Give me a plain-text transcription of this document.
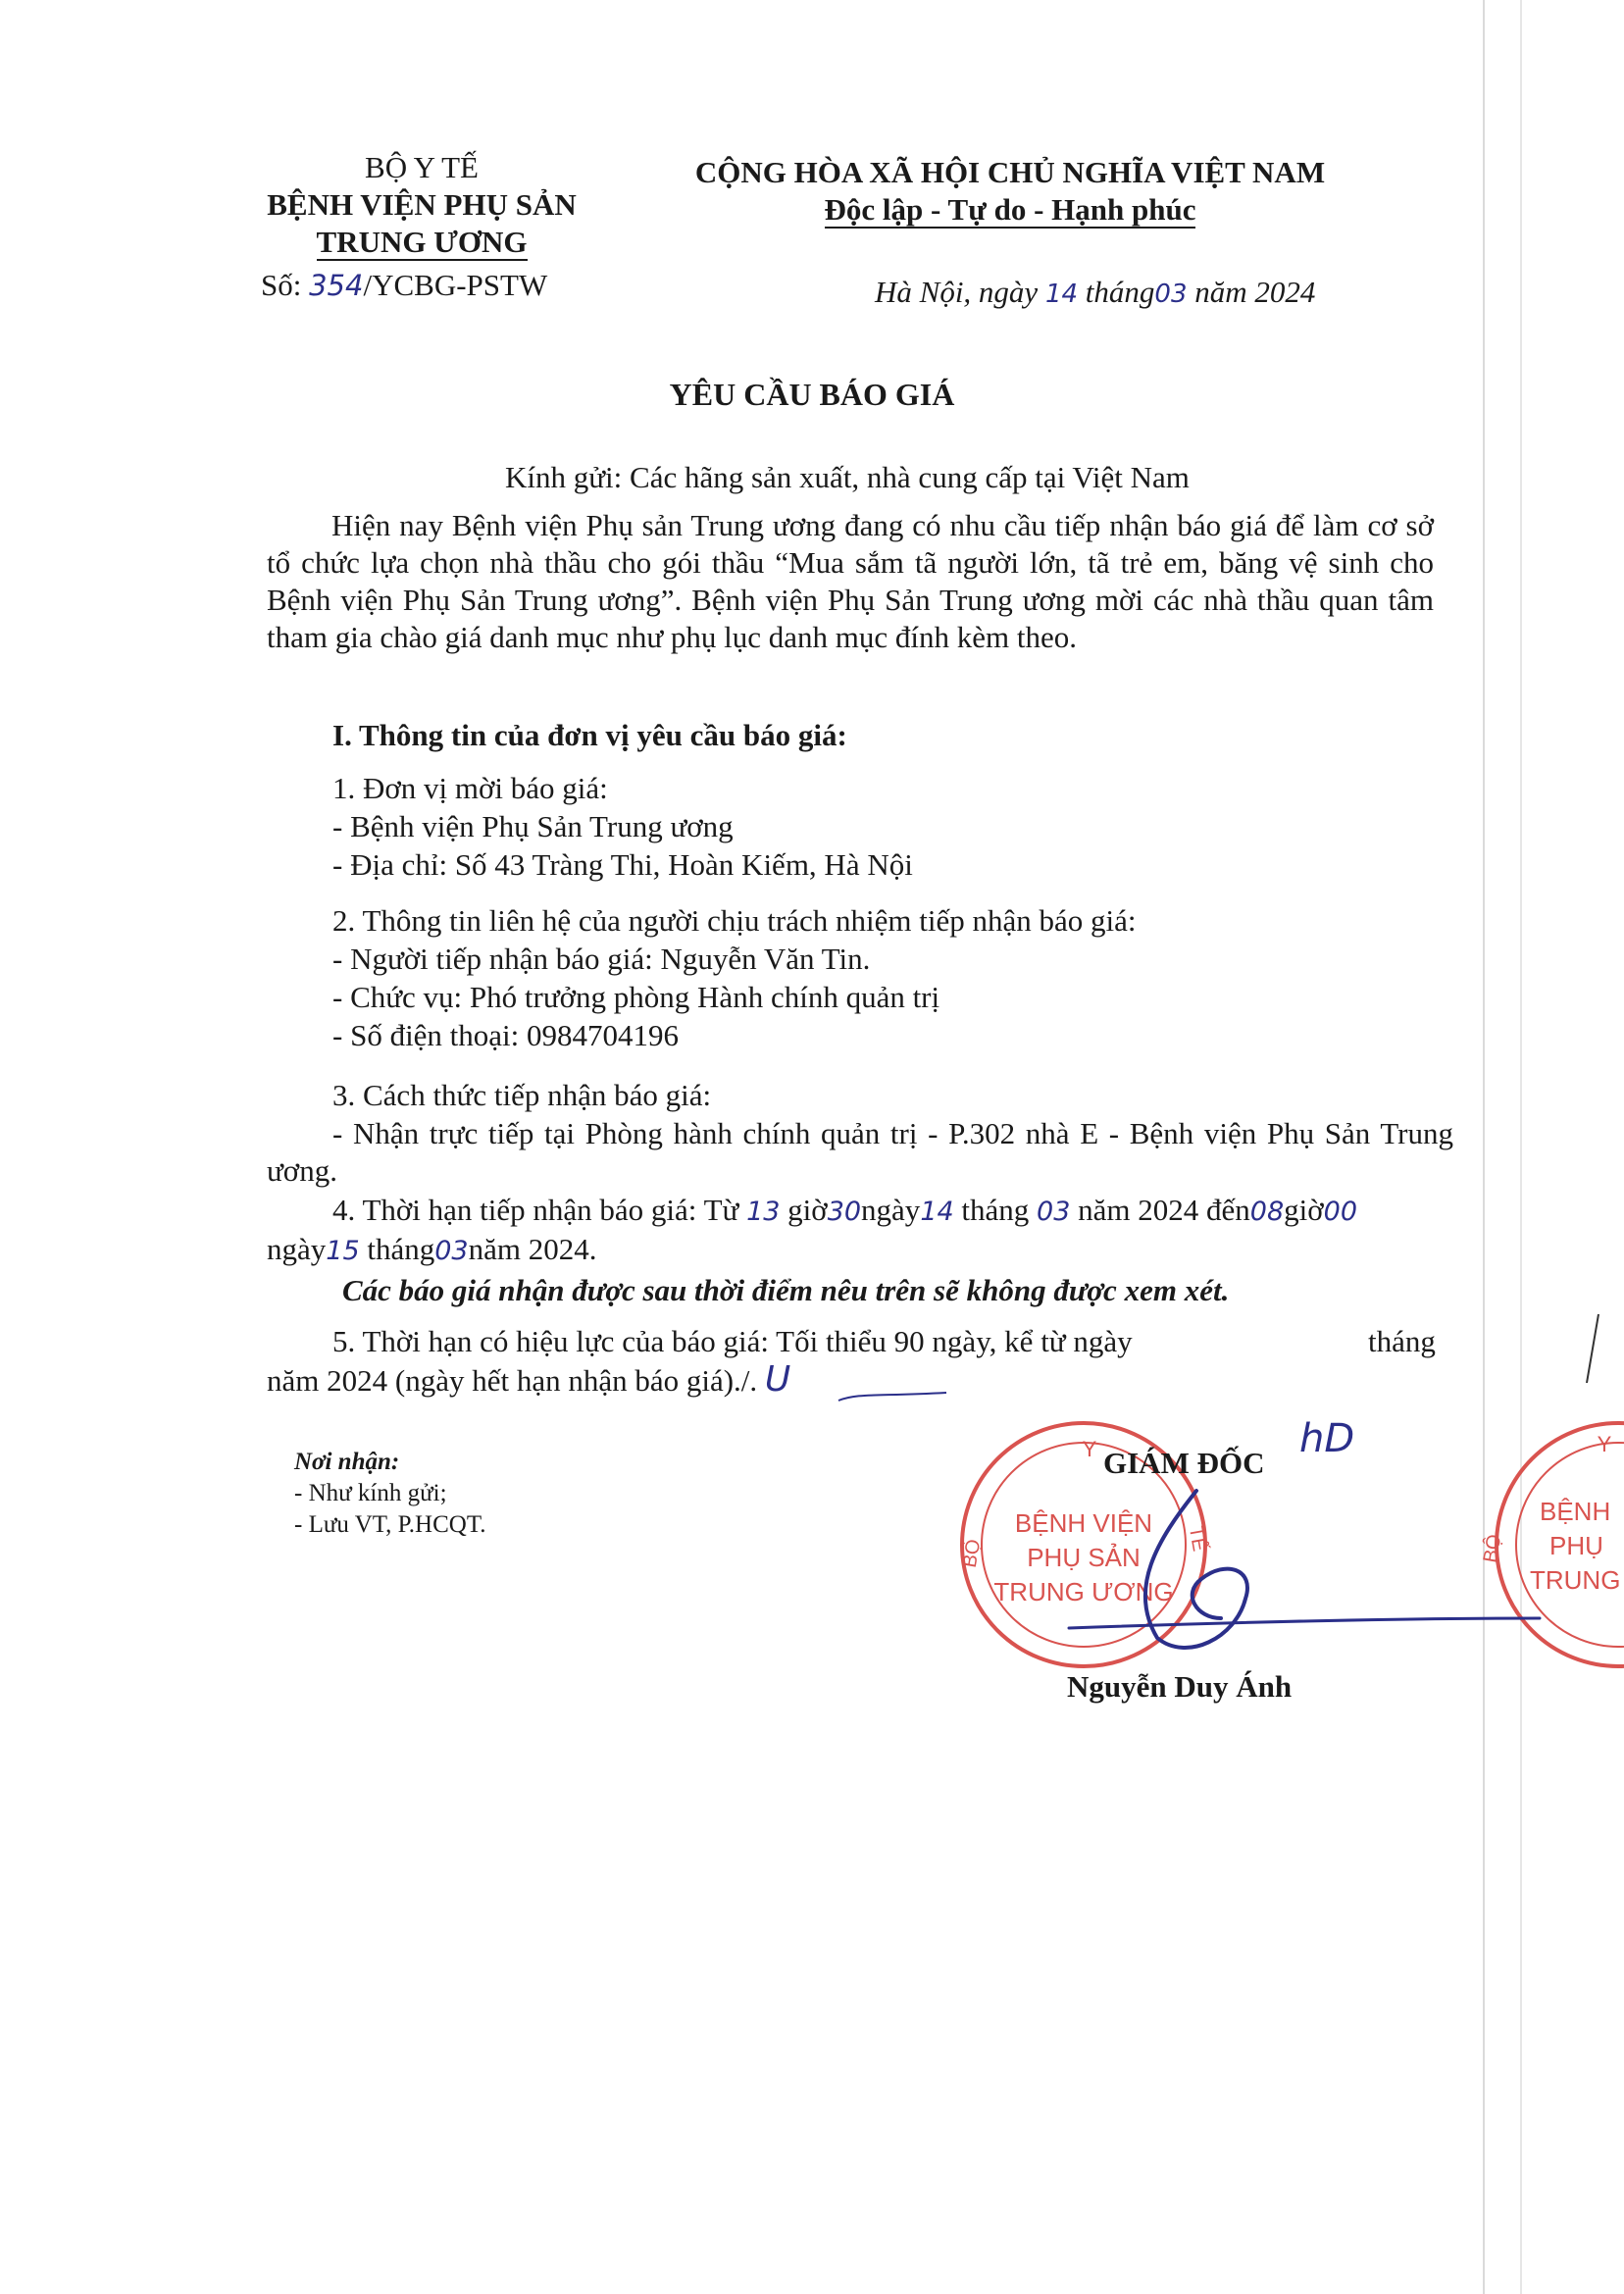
BỘ Y TẾ
BỆNH VIỆN PHỤ SẢN
TRUNG ƯƠNG
Số: 354/YCBG-PSTW
CỘNG HÒA XÃ HỘI CHỦ NGHĨA VIỆT NAM
Độc lập - Tự do - Hạnh phúc
Hà Nội, ngày 14 tháng03 năm 2024
YÊU CẦU BÁO GIÁ
Kính gửi: Các hãng sản xuất, nhà cung cấp tại Việt Nam
Hiện nay Bệnh viện Phụ sản Trung ương đang có nhu cầu tiếp nhận báo giá để làm cơ sở tổ chức lựa chọn nhà thầu cho gói thầu “Mua sắm tã người lớn, tã trẻ em, băng vệ sinh cho Bệnh viện Phụ Sản Trung ương”. Bệnh viện Phụ Sản Trung ương mời các nhà thầu quan tâm tham gia chào giá danh mục như phụ lục danh mục đính kèm theo.
I. Thông tin của đơn vị yêu cầu báo giá:
1. Đơn vị mời báo giá:
- Bệnh viện Phụ Sản Trung ương
- Địa chỉ: Số 43 Tràng Thi, Hoàn Kiếm, Hà Nội
2. Thông tin liên hệ của người chịu trách nhiệm tiếp nhận báo giá:
- Người tiếp nhận báo giá: Nguyễn Văn Tin.
- Chức vụ: Phó trưởng phòng Hành chính quản trị
- Số điện thoại: 0984704196
3. Cách thức tiếp nhận báo giá:
- Nhận trực tiếp tại Phòng hành chính quản trị - P.302 nhà E - Bệnh viện Phụ Sản Trung ương.
4. Thời hạn tiếp nhận báo giá: Từ 13 giờ30ngày14 tháng 03 năm 2024 đến08giờ00
ngày15 tháng03năm 2024.
Các báo giá nhận được sau thời điểm nêu trên sẽ không được xem xét.
5. Thời hạn có hiệu lực của báo giá: Tối thiểu 90 ngày, kể từ ngày	tháng
năm 2024 (ngày hết hạn nhận báo giá)./. U
Nơi nhận:
- Như kính gửi;
- Lưu VT, P.HCQT.
Y
BỆNH VIỆN
PHỤ SẢN
TRUNG ƯƠNG
BỘ	TẾ
Y
BỆNH
PHỤ
TRUNG
BỘ
GIÁM ĐỐC
hD
Nguyễn Duy Ánh
